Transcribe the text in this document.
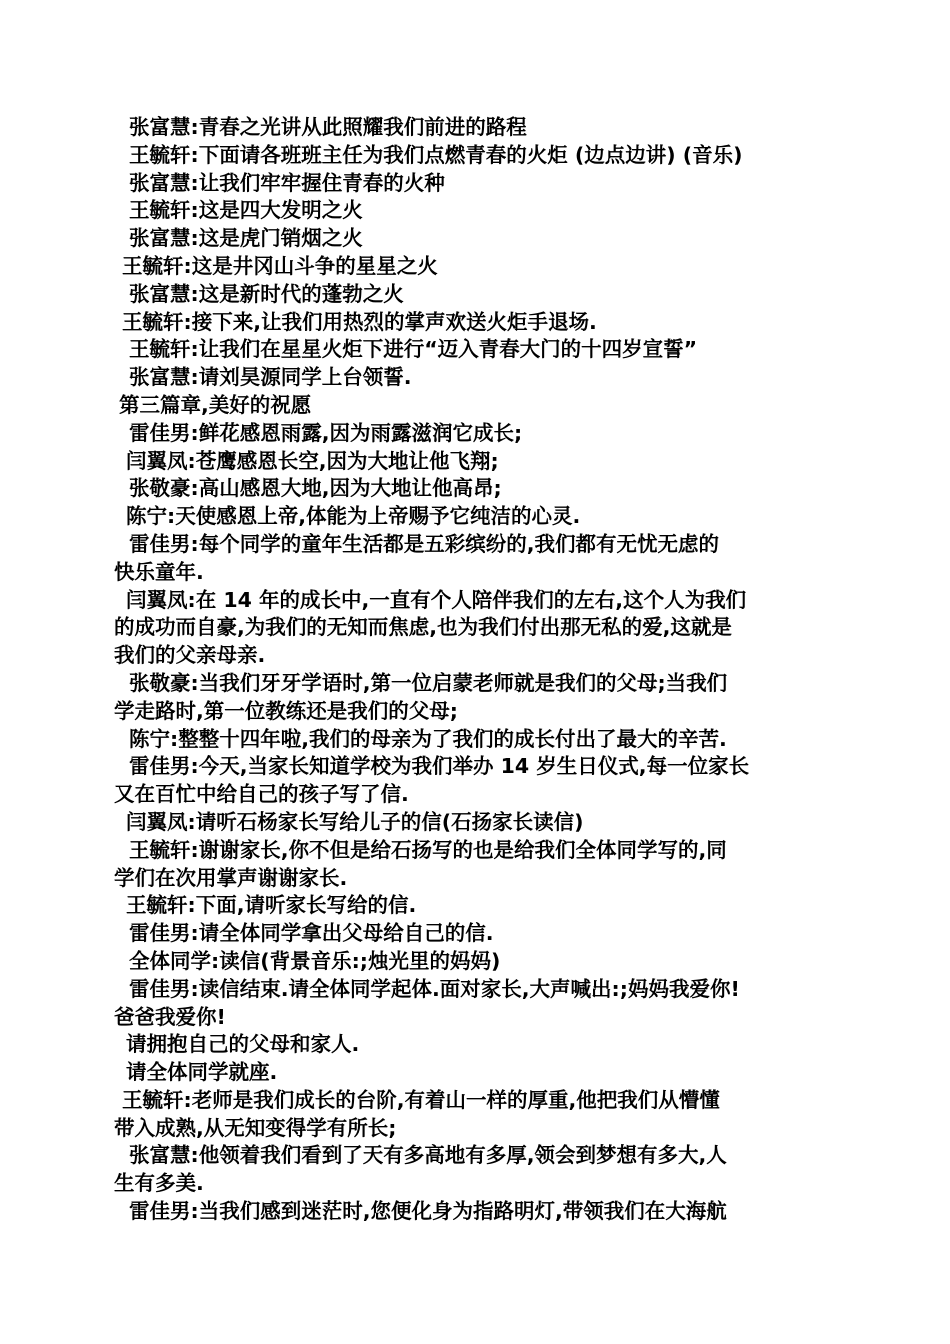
张富慧:青春之光讲从此照耀我们前进的路程

王毓轩:下面请各班班主任为我们点燃青春的火炬 (边点边讲) (音乐)

张富慧:让我们牢牢握住青春的火种

王毓轩:这是四大发明之火

张富慧:这是虎门销烟之火

王毓轩:这是井冈山斗争的星星之火

张富慧:这是新时代的蓬勃之火

王毓轩:接下来,让我们用热烈的掌声欢送火炬手退场.

王毓轩:让我们在星星火炬下进行“迈入青春大门的十四岁宣誓”

张富慧:请刘昊源同学上台领誓.

第三篇章,美好的祝愿

雷佳男:鲜花感恩雨露,因为雨露滋润它成长;

闫翼凤:苍鹰感恩长空,因为大地让他飞翔;

张敬豪:高山感恩大地,因为大地让他高昂;

陈宁:天使感恩上帝,体能为上帝赐予它纯洁的心灵.

雷佳男:每个同学的童年生活都是五彩缤纷的,我们都有无忧无虑的

快乐童年.

闫翼凤:在 14 年的成长中,一直有个人陪伴我们的左右,这个人为我们

的成功而自豪,为我们的无知而焦虑,也为我们付出那无私的爱,这就是

我们的父亲母亲.

张敬豪:当我们牙牙学语时,第一位启蒙老师就是我们的父母;当我们

学走路时,第一位教练还是我们的父母;

陈宁:整整十四年啦,我们的母亲为了我们的成长付出了最大的辛苦.

雷佳男:今天,当家长知道学校为我们举办 14 岁生日仪式,每一位家长

又在百忙中给自己的孩子写了信.

闫翼凤:请听石杨家长写给儿子的信(石扬家长读信)

王毓轩:谢谢家长,你不但是给石扬写的也是给我们全体同学写的,同

学们在次用掌声谢谢家长.

王毓轩:下面,请听家长写给的信.

雷佳男:请全体同学拿出父母给自己的信.

全体同学:读信(背景音乐:;烛光里的妈妈)

雷佳男:读信结束.请全体同学起体.面对家长,大声喊出:;妈妈我爱你!

爸爸我爱你!

请拥抱自己的父母和家人.

请全体同学就座.

王毓轩:老师是我们成长的台阶,有着山一样的厚重,他把我们从懵懂

带入成熟,从无知变得学有所长;

张富慧:他领着我们看到了天有多高地有多厚,领会到梦想有多大,人

生有多美.

雷佳男:当我们感到迷茫时,您便化身为指路明灯,带领我们在大海航
